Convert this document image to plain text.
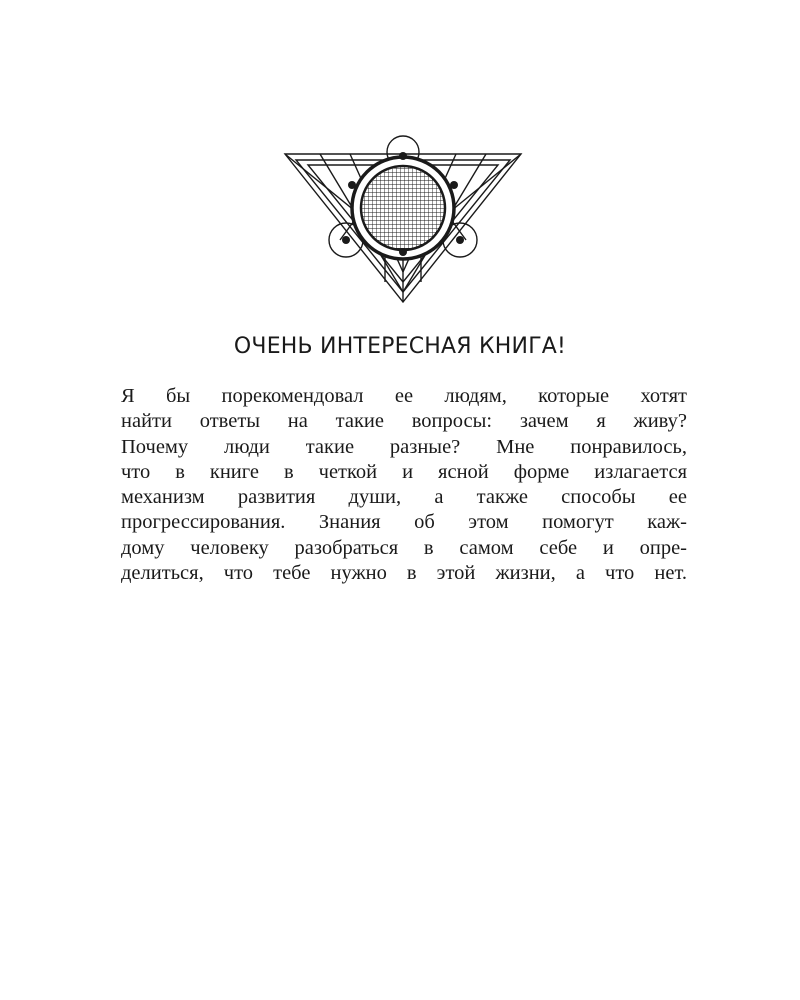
ОЧЕНЬ ИНТЕРЕСНАЯ КНИГА!
Я бы порекомендовал ее людям, которые хотят
найти ответы на такие вопросы: зачем я живу?
Почему люди такие разные? Мне понравилось,
что в книге в четкой и ясной форме излагается
механизм развития души, а также способы ее
прогрессирования. Знания об этом помогут каж-
дому человеку разобраться в самом себе и опре-
делиться, что тебе нужно в этой жизни, а что нет.
